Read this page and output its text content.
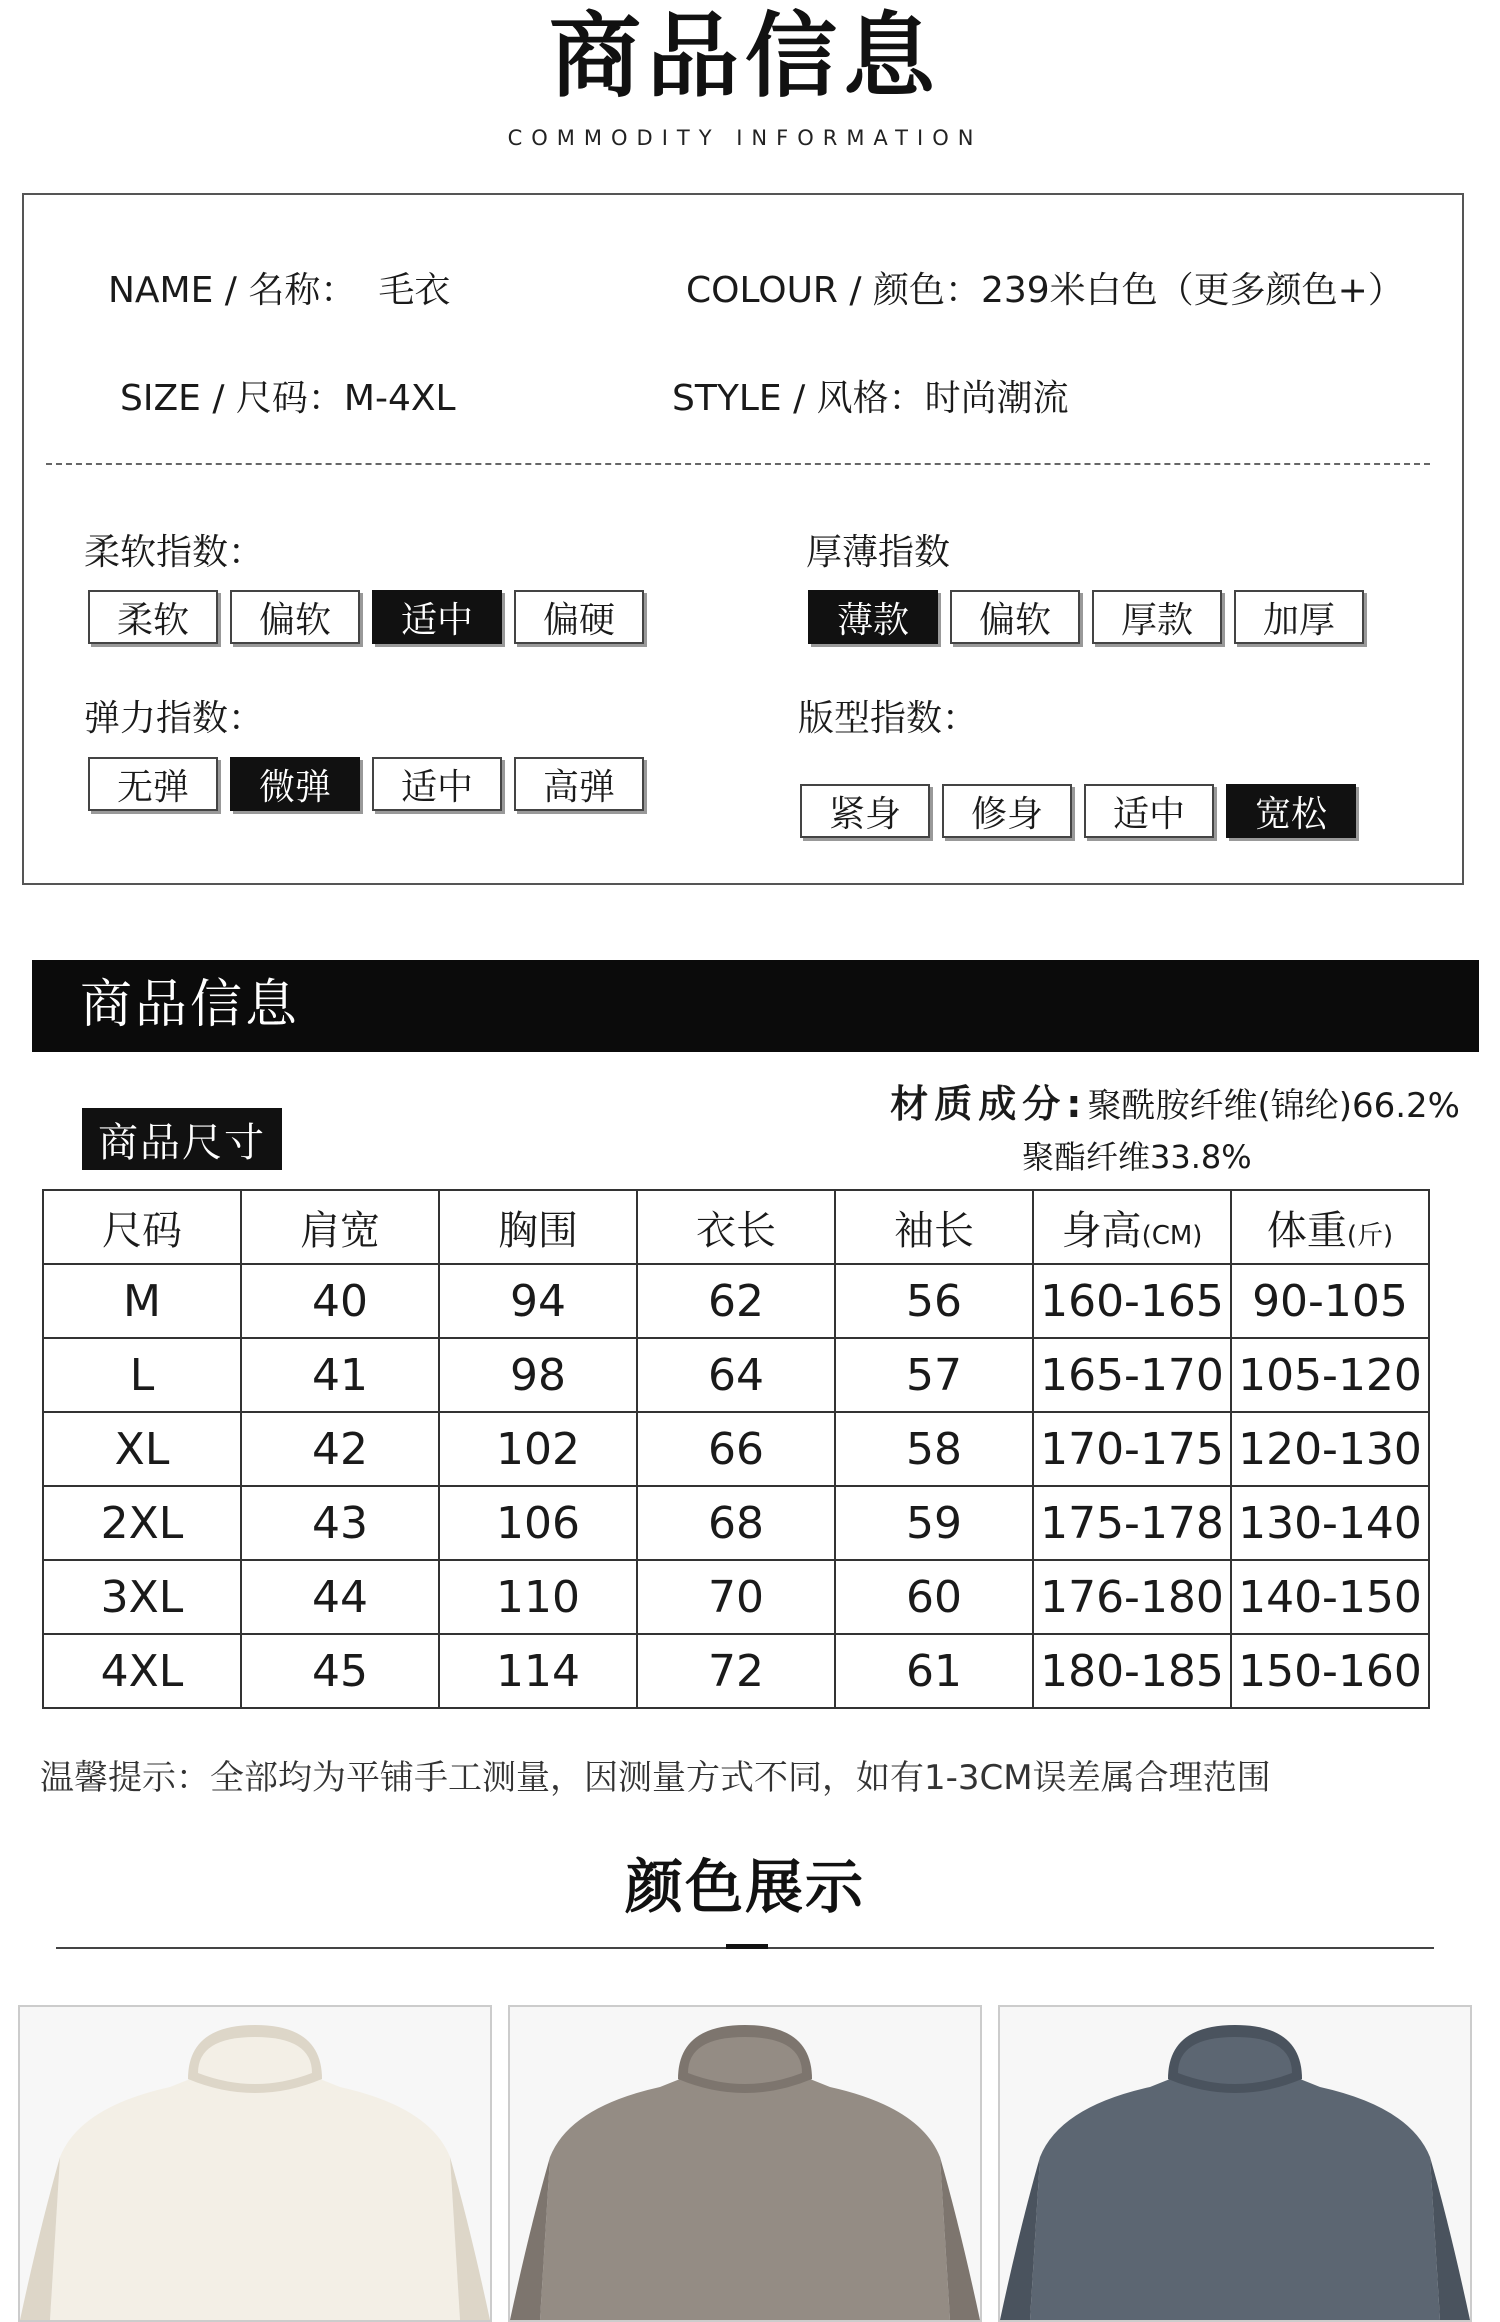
商品信息
COMMODITY INFORMATION
NAME / 名称： 毛衣	COLOUR / 颜色：239米白色（更多颜色+）
SIZE / 尺码：M-4XL	STYLE / 风格：时尚潮流
柔软指数：
柔软	偏软	适中	偏硬
厚薄指数
薄款	偏软	厚款	加厚
弹力指数：
无弹	微弹	适中	高弹
版型指数：
紧身	修身	适中	宽松
商品信息
材质成分:聚酰胺纤维(锦纶)66.2%
聚酯纤维33.8%
商品尺寸
尺码	肩宽	胸围	衣长	袖长	身高(CM)	体重(斤)
M	40	94	62	56	160-165	90-105
L	41	98	64	57	165-170	105-120
XL	42	102	66	58	170-175	120-130
2XL	43	106	68	59	175-178	130-140
3XL	44	110	70	60	176-180	140-150
4XL	45	114	72	61	180-185	150-160
温馨提示：全部均为平铺手工测量，因测量方式不同，如有1-3CM误差属合理范围
颜色展示
